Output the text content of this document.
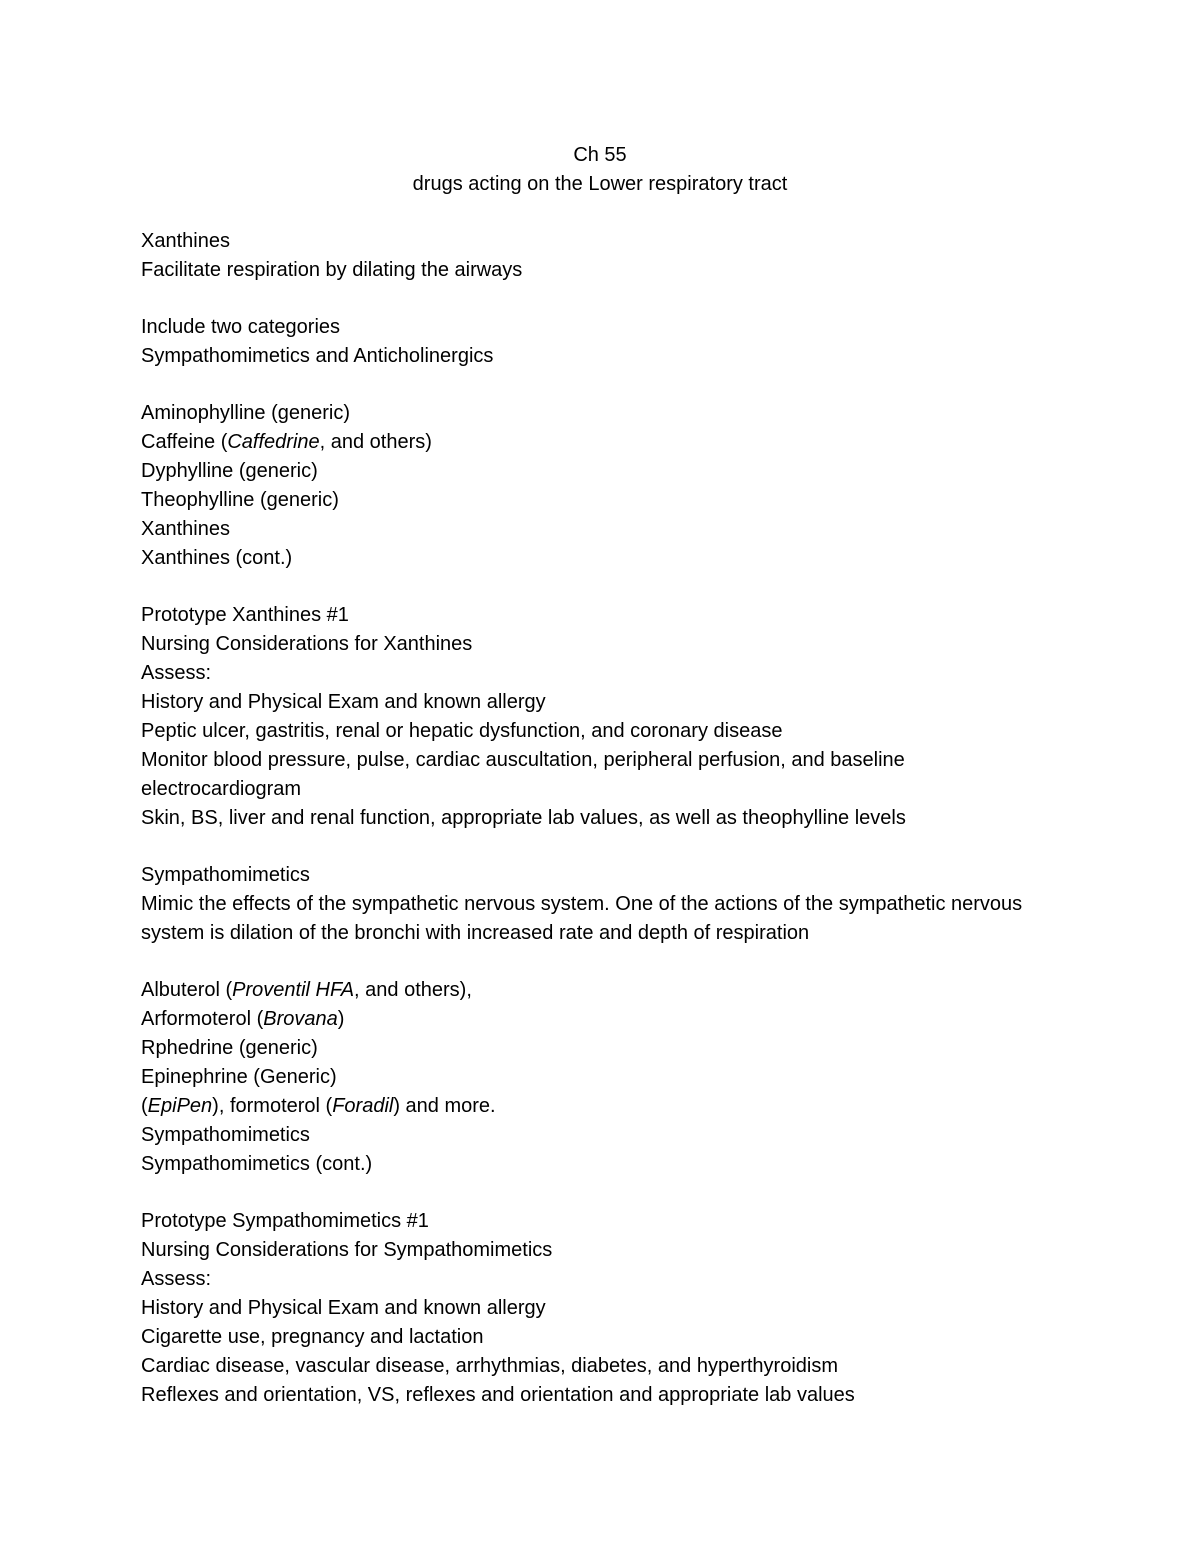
Ch 55
drugs acting on the Lower respiratory tract

Xanthines

Facilitate respiration by dilating the airways

Include two categories

Sympathomimetics and Anticholinergics

Aminophylline (generic)

Caffeine (Caffedrine, and others)

Dyphylline (generic)

Theophylline (generic)

Xanthines

Xanthines (cont.)

Prototype Xanthines #1

Nursing Considerations for Xanthines

Assess:

History and Physical Exam and known allergy

Peptic ulcer, gastritis, renal or hepatic dysfunction, and coronary disease

Monitor blood pressure, pulse, cardiac auscultation, peripheral perfusion, and baseline electrocardiogram

Skin, BS, liver and renal function, appropriate lab values, as well as theophylline levels

Sympathomimetics

Mimic the effects of the sympathetic nervous system. One of the actions of the sympathetic nervous system is dilation of the bronchi with increased rate and depth of respiration

Albuterol (Proventil HFA, and others),

Arformoterol (Brovana)

Rphedrine (generic)

Epinephrine (Generic)

(EpiPen), formoterol (Foradil) and more.

Sympathomimetics

Sympathomimetics (cont.)

Prototype Sympathomimetics #1

Nursing Considerations for Sympathomimetics

Assess:

History and Physical Exam and known allergy

Cigarette use, pregnancy and lactation

Cardiac disease, vascular disease, arrhythmias, diabetes, and hyperthyroidism

Reflexes and orientation, VS, reflexes and orientation and appropriate lab values
